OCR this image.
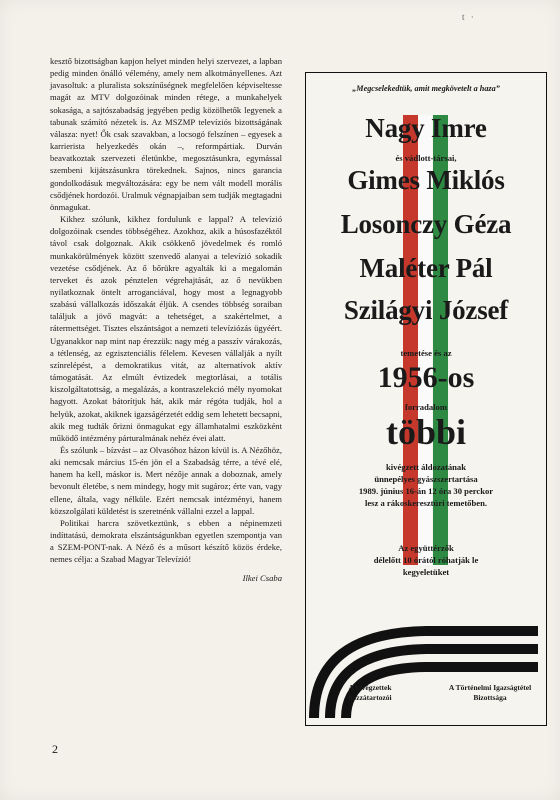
t ·

kesztő bizottságban kapjon helyet minden helyi szervezet, a lapban pedig minden önálló vélemény, amely nem alkotmányellenes. Azt javasoltuk: a pluralista sokszínűségnek megfelelően képviseltesse magát az MTV dolgozóinak minden rétege, a munkahelyek sokasága, a sajtószabadság jegyében pedig közölhetők legyenek a tabunak számító nézetek is. Az MSZMP televíziós bizottságának válasza: nyet! Ők csak szavakban, a locsogó felszínen – egyesek a karrierista helyezkedés okán –, reformpártiak. Durván beavatkoztak szervezeti életünkbe, megosztásunkra, egymással szembeni kijátszásunkra törekednek. Sajnos, nincs garancia gondolkodásuk megváltozására: egy be nem vált modell morális csődjének hordozói. Uralmuk végnapjaiban sem tudják megtagadni önmagukat.

Kikhez szólunk, kikhez fordulunk e lappal? A televízió dolgozóinak csendes többségéhez. Azokhoz, akik a húsosfazéktól távol csak dolgoznak. Akik csökkenő jövedelmek és romló munkakörülmények között szenvedő alanyai a televízió sokadik vezetése csődjének. Az ő bőrükre agyalták ki a megalomán terveket és azok pénztelen végrehajtását, az ő nevükben nyilatkoznak öntelt arroganciával, hogy most a legnagyobb szabású vállalkozás időszakát éljük. A csendes többség soraiban találjuk a jövő magvát: a tehetséget, a szakértelmet, a rátermettséget. Tisztes elszántságot a nemzeti televíziózás ügyéért. Ugyanakkor nap mint nap érezzük: nagy még a passzív várakozás, a tétlenség, az egzisztenciális félelem. Kevesen vállalják a nyílt színrelépést, a demokratikus vitát, az alternatívok aktív támogatását. Az elmúlt évtizedek megtorlásai, a totális kiszolgáltatottság, a megalázás, a kontraszelekció mély nyomokat hagyott. Azokat bátorítjuk hát, akik már régóta tudják, hol a helyük, azokat, akiknek igazságérzetét eddig sem lehetett becsapni, akik meg tudták őrizni önmagukat egy államhatalmi eszközként működő intézmény párturalmának nehéz évei alatt.

És szólunk – bízvást – az Olvasóhoz házon kívül is. A Nézőhöz, aki nemcsak március 15-én jön el a Szabadság térre, a tévé elé, hanem ha kell, máskor is. Mert nézője annak a doboznak, amely bevonult életébe, s nem mindegy, hogy mit sugároz; érte van, vagy ellene, általa, vagy nélküle. Ezért nemcsak intézményi, hanem közszolgálati küldetést is szeretnénk vállalni ezzel a lappal.

Politikai harcra szövetkeztünk, s ebben a népinemzeti indíttatású, demokrata elszántságunkban egyetlen szempontja van a SZEM-PONT-nak. A Néző és a műsort készítő közös érdeke, nemes célja: a Szabad Magyar Televízió!

Ilkei Csaba

2
„Megcselekedtük, amit megkövetelt a haza”
Nagy Imre
és vádlott-társai,
Gimes Miklós
Losonczy Géza
Maléter Pál
Szilágyi József
temetése és az
1956-os
forradalom
többi
kivégzett áldozatának
ünnepélyes gyászszertartása
1989. június 16-án 12 óra 30 perckor
lesz a rákoskeresztúri temetőben.
Az együttérzők
délelőtt 10 órától róhatják le
kegyeletüket
A kivégzettek
hozzátartozói
A Történelmi Igazságtétel
Bizottsága
